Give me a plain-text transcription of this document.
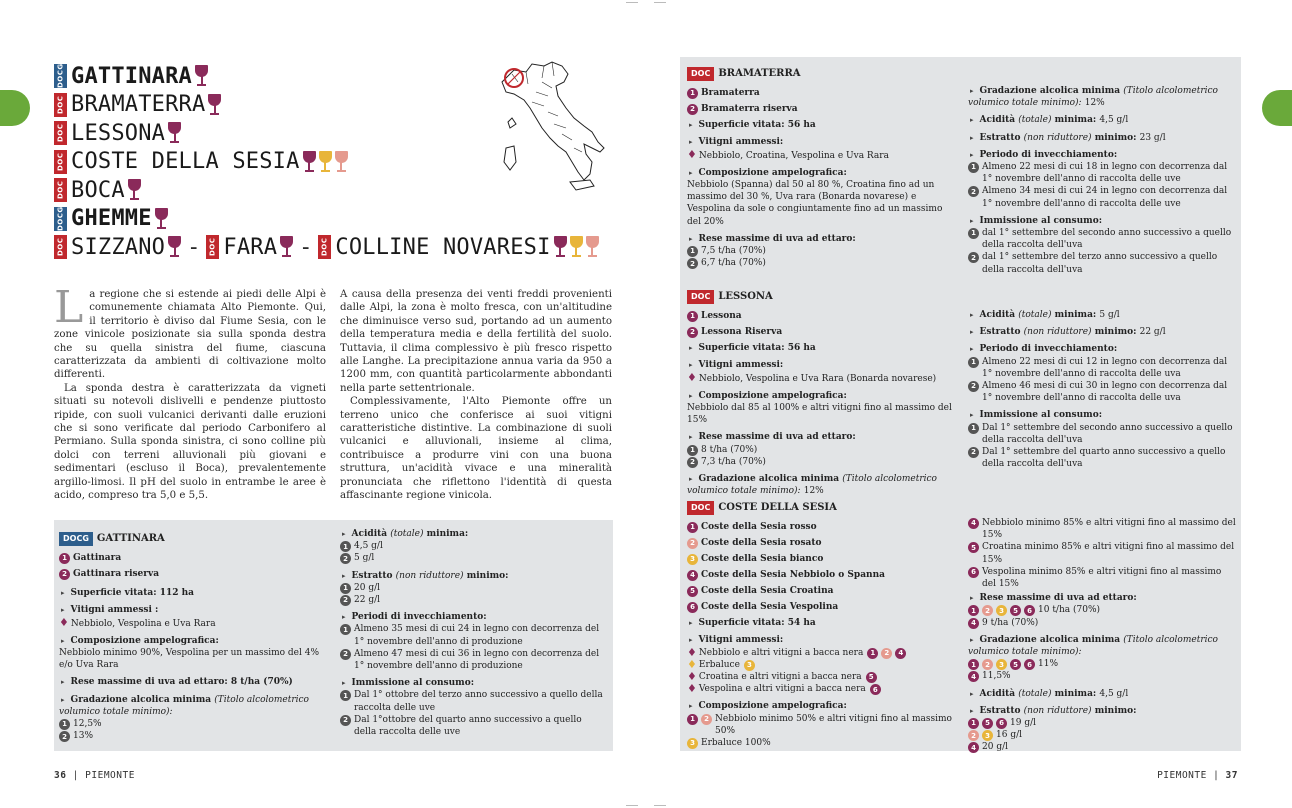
DOCG GATTINARA
DOC BRAMATERRA
DOC LESSONA
DOC COSTE DELLA SESIA
DOC BOCA
DOCG GHEMME
DOC SIZZANO -	DOC FARA -	DOC COLLINE NOVARESI

La regione che si estende ai piedi delle Alpi è comunemente chiamata Alto Piemonte. Qui, il territorio è diviso dal Fiume Sesia, con le zone vinicole posizionate sia sulla sponda destra che su quella sinistra del fiume, ciascuna caratterizzata da ambienti di coltivazione molto differenti.

La sponda destra è caratterizzata da vigneti situati su notevoli dislivelli e pendenze piuttosto ripide, con suoli vulcanici derivanti dalle eruzioni che si sono verificate dal periodo Carbonifero al Permiano. Sulla sponda sinistra, ci sono colline più dolci con terreni alluvionali più giovani e sedimentari (escluso il Boca), prevalentemente argillo-limosi. Il pH del suolo in entrambe le aree è acido, compreso tra 5,0 e 5,5.

A causa della presenza dei venti freddi provenienti dalle Alpi, la zona è molto fresca, con un'altitudine che diminuisce verso sud, portando ad un aumento della temperatura media e della fertilità del suolo. Tuttavia, il clima complessivo è più fresco rispetto alle Langhe. La precipitazione annua varia da 950 a 1200 mm, con quantità particolarmente abbondanti nella parte settentrionale.

Complessivamente, l'Alto Piemonte offre un terreno unico che conferisce ai suoi vitigni caratteristiche distintive. La combinazione di suoli vulcanici e alluvionali, insieme al clima, contribuisce a produrre vini con una buona struttura, un'acidità vivace e una mineralità pronunciata che riflettono l'identità di questa affascinante regione vinicola.

DOCG GATTINARA
1 Gattinara
2 Gattinara riserva
▸ Superficie vitata: 112 ha
▸ Vitigni ammessi :
♦ Nebbiolo, Vespolina e Uva Rara
▸ Composizione ampelografica:
Nebbiolo minimo 90%, Vespolina per un massimo del 4% e/o Uva Rara
▸ Rese massime di uva ad ettaro: 8 t/ha (70%)
▸ Gradazione alcolica minima (Titolo alcolometrico volumico totale minimo):
1 12,5%
2 13%
▸ Acidità (totale) minima:
1 4,5 g/l
2 5 g/l
▸ Estratto (non riduttore) minimo:
1 20 g/l
2 22 g/l
▸ Periodi di invecchiamento:
1 Almeno 35 mesi di cui 24 in legno con decorrenza del 1° novembre dell'anno di produzione
2 Almeno 47 mesi di cui 36 in legno con decorrenza del 1° novembre dell'anno di produzione
▸ Immissione al consumo:
1 Dal 1° ottobre del terzo anno successivo a quello della raccolta delle uve
2 Dal 1°ottobre del quarto anno successivo a quello della raccolta delle uve
36 | PIEMONTE
DOC BRAMATERRA
1 Bramaterra
2 Bramaterra riserva
▸ Superficie vitata: 56 ha
▸ Vitigni ammessi:
♦ Nebbiolo, Croatina, Vespolina e Uva Rara
▸ Composizione ampelografica:
Nebbiolo (Spanna) dal 50 al 80 %, Croatina fino ad un massimo del 30 %, Uva rara (Bonarda novarese) e Vespolina da sole o congiuntamente fino ad un massimo del 20%
▸ Rese massime di uva ad ettaro:
1 7,5 t/ha (70%)
2 6,7 t/ha (70%)
▸ Gradazione alcolica minima (Titolo alcolometrico volumico totale minimo): 12%
▸ Acidità (totale) minima: 4,5 g/l
▸ Estratto (non riduttore) minimo: 23 g/l
▸ Periodo di invecchiamento:
1 Almeno 22 mesi di cui 18 in legno con decorrenza dal 1° novembre dell'anno di raccolta delle uve
2 Almeno 34 mesi di cui 24 in legno con decorrenza dal 1° novembre dell'anno di raccolta delle uve
▸ Immissione al consumo:
1 dal 1° settembre del secondo anno successivo a quello della raccolta dell'uva
2 dal 1° settembre del terzo anno successivo a quello della raccolta dell'uva
DOC LESSONA
1 Lessona
2 Lessona Riserva
▸ Superficie vitata: 56 ha
▸ Vitigni ammessi:
♦ Nebbiolo, Vespolina e Uva Rara (Bonarda novarese)
▸ Composizione ampelografica:
Nebbiolo dal 85 al 100% e altri vitigni fino al massimo del 15%
▸ Rese massime di uva ad ettaro:
1 8 t/ha (70%)
2 7,3 t/ha (70%)
▸ Gradazione alcolica minima (Titolo alcolometrico volumico totale minimo): 12%
▸ Acidità (totale) minima: 5 g/l
▸ Estratto (non riduttore) minimo: 22 g/l
▸ Periodo di invecchiamento:
1 Almeno 22 mesi di cui 12 in legno con decorrenza dal 1° novembre dell'anno di raccolta delle uva
2 Almeno 46 mesi di cui 30 in legno con decorrenza dal 1° novembre dell'anno di raccolta delle uva
▸ Immissione al consumo:
1 Dal 1° settembre del secondo anno successivo a quello della raccolta dell'uva
2 Dal 1° settembre del quarto anno successivo a quello della raccolta dell'uva
DOC COSTE DELLA SESIA
1 Coste della Sesia rosso
2 Coste della Sesia rosato
3 Coste della Sesia bianco
4 Coste della Sesia Nebbiolo o Spanna
5 Coste della Sesia Croatina
6 Coste della Sesia Vespolina
▸ Superficie vitata: 54 ha
▸ Vitigni ammessi:
♦ Nebbiolo e altri vitigni a bacca nera	1	2	4
♦ Erbaluce	3
♦ Croatina e altri vitigni a bacca nera	5
♦ Vespolina e altri vitigni a bacca nera	6
▸ Composizione ampelografica:
1	2 Nebbiolo minimo 50% e altri vitigni fino al massimo 50%
3 Erbaluce 100%
4 Nebbiolo minimo 85% e altri vitigni fino al massimo del 15%
5 Croatina minimo 85% e altri vitigni fino al massimo del 15%
6 Vespolina minimo 85% e altri vitigni fino al massimo del 15%
▸ Rese massime di uva ad ettaro:
1	2	3	5	6 10 t/ha (70%)
4 9 t/ha (70%)
▸ Gradazione alcolica minima (Titolo alcolometrico volumico totale minimo):
1	2	3	5	6 11%
4 11,5%
▸ Acidità (totale) minima: 4,5 g/l
▸ Estratto (non riduttore) minimo:
1	5	6 19 g/l
2	3 16 g/l
4 20 g/l
PIEMONTE | 37
